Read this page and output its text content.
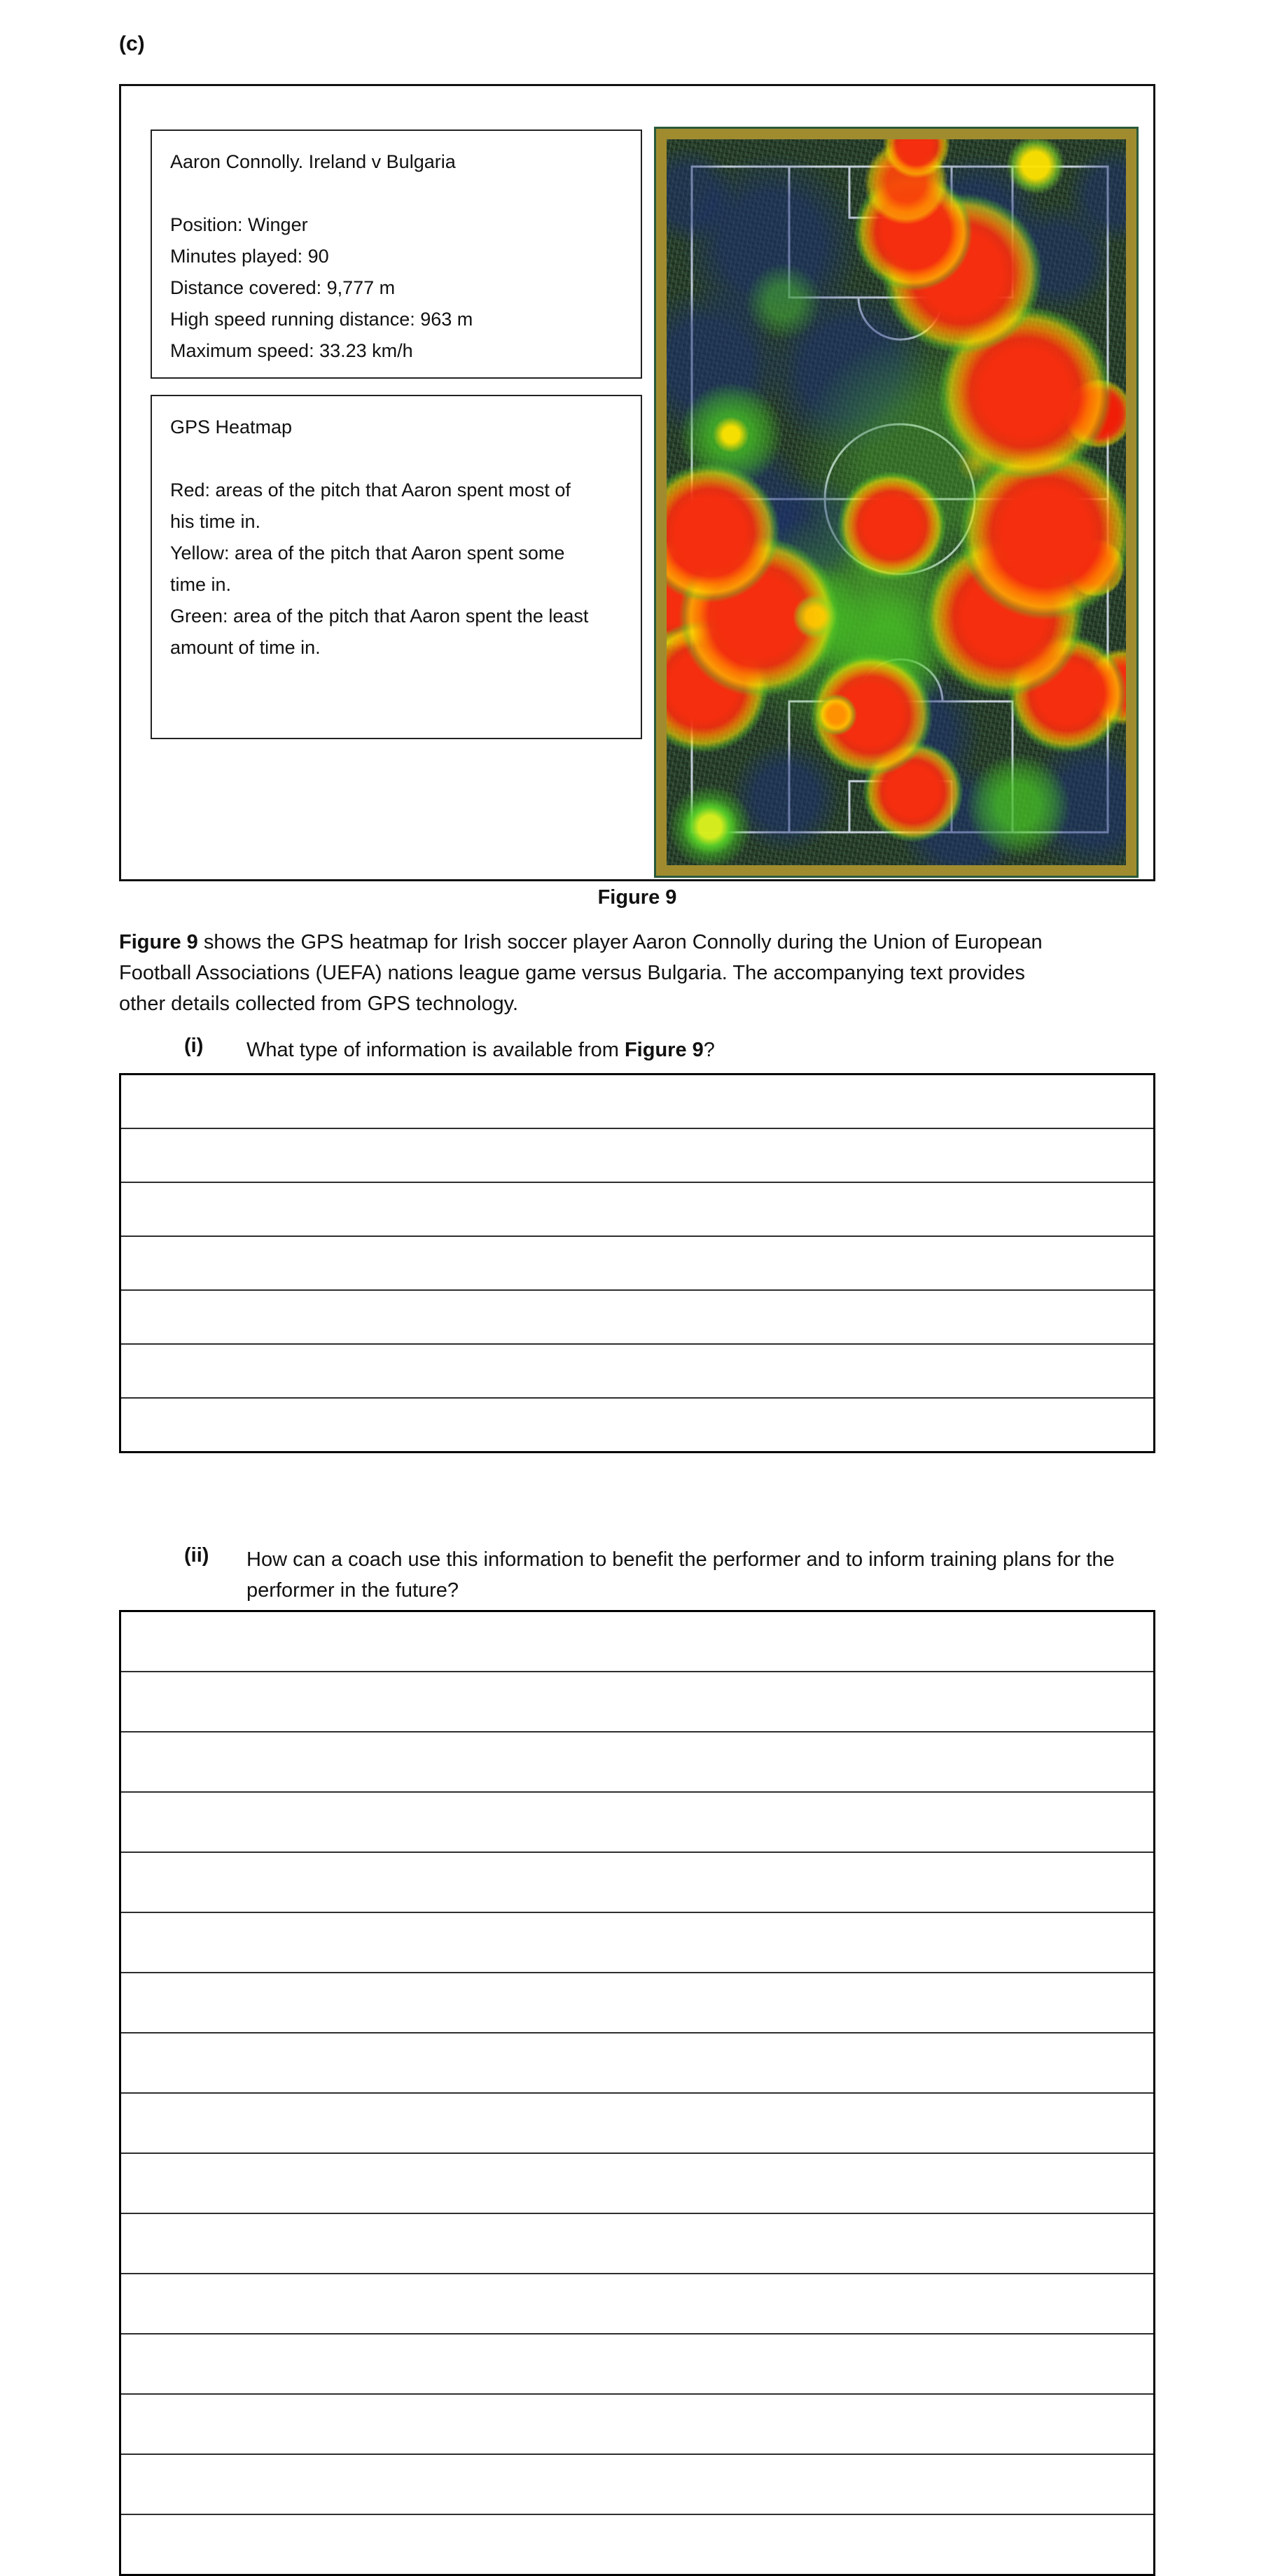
(c)

Aaron Connolly. Ireland v Bulgaria

Position: Winger

Minutes played: 90

Distance covered: 9,777 m

High speed running distance: 963 m

Maximum speed: 33.23 km/h

GPS Heatmap

Red: areas of the pitch that Aaron spent most of his time in.

Yellow: area of the pitch that Aaron spent some time in.

Green: area of the pitch that Aaron spent the least amount of time in.

Figure 9
Figure 9 shows the GPS heatmap for Irish soccer player Aaron Connolly during the Union of European Football Associations (UEFA) nations league game versus Bulgaria. The accompanying text provides other details collected from GPS technology.
(i) What type of information is available from Figure 9?
(ii) How can a coach use this information to benefit the performer and to inform training plans for the performer in the future?
